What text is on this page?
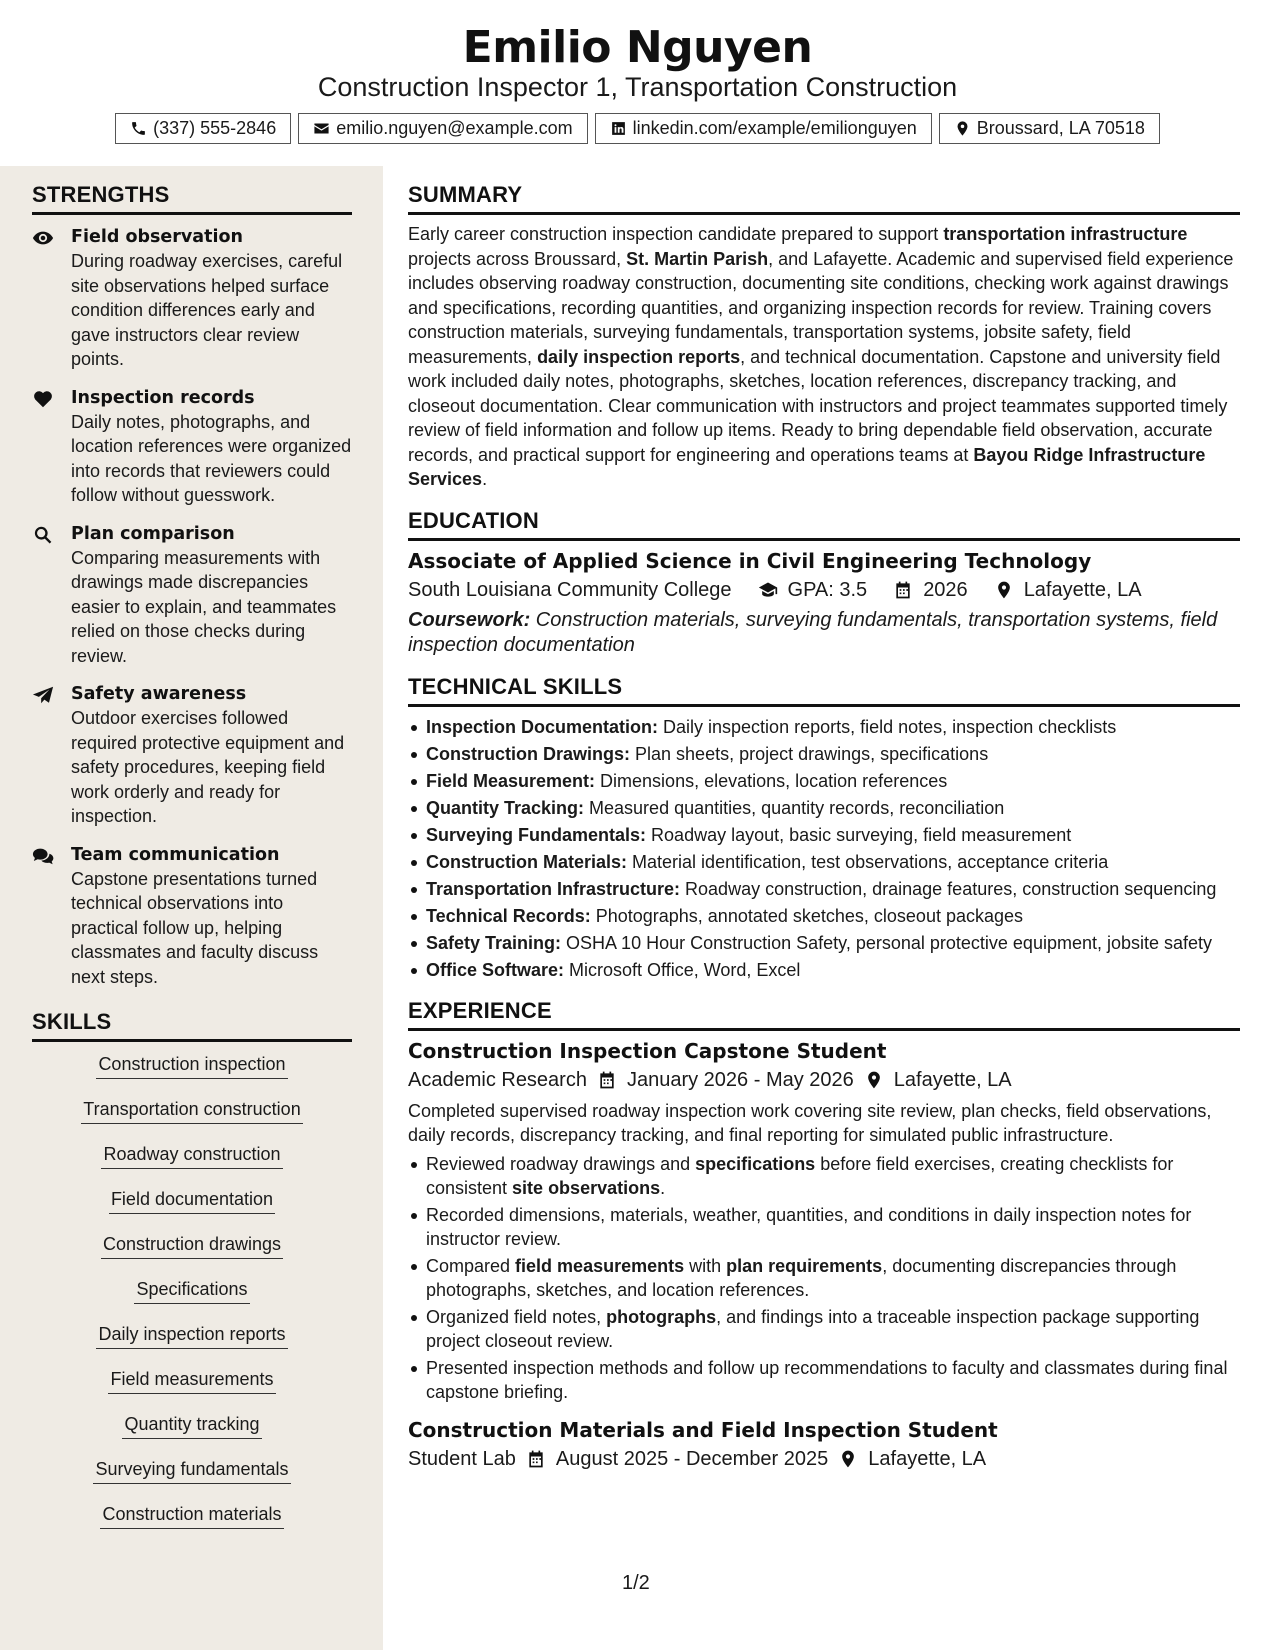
Emilio Nguyen
Construction Inspector 1, Transportation Construction
(337) 555-2846	emilio.nguyen@example.com	linkedin.com/example/emilionguyen	Broussard, LA 70518
STRENGTHS
Field observation
During roadway exercises, careful site observations helped surface condition differences early and gave instructors clear review points.
Inspection records
Daily notes, photographs, and location references were organized into records that reviewers could follow without guesswork.
Plan comparison
Comparing measurements with drawings made discrepancies easier to explain, and teammates relied on those checks during review.
Safety awareness
Outdoor exercises followed required protective equipment and safety procedures, keeping field work orderly and ready for inspection.
Team communication
Capstone presentations turned technical observations into practical follow up, helping classmates and faculty discuss next steps.
SKILLS
Construction inspection
Transportation construction
Roadway construction
Field documentation
Construction drawings
Specifications
Daily inspection reports
Field measurements
Quantity tracking
Surveying fundamentals
Construction materials
SUMMARY

Early career construction inspection candidate prepared to support transportation infrastructure projects across Broussard, St. Martin Parish, and Lafayette. Academic and supervised field experience includes observing roadway construction, documenting site conditions, checking work against drawings and specifications, recording quantities, and organizing inspection records for review. Training covers construction materials, surveying fundamentals, transportation systems, jobsite safety, field measurements, daily inspection reports, and technical documentation. Capstone and university field work included daily notes, photographs, sketches, location references, discrepancy tracking, and closeout documentation. Clear communication with instructors and project teammates supported timely review of field information and follow up items. Ready to bring dependable field observation, accurate records, and practical support for engineering and operations teams at Bayou Ridge Infrastructure Services.

EDUCATION
Associate of Applied Science in Civil Engineering Technology
South Louisiana Community College	GPA: 3.5	2026	Lafayette, LA
Coursework: Construction materials, surveying fundamentals, transportation systems, field inspection documentation
TECHNICAL SKILLS
Inspection Documentation: Daily inspection reports, field notes, inspection checklists
Construction Drawings: Plan sheets, project drawings, specifications
Field Measurement: Dimensions, elevations, location references
Quantity Tracking: Measured quantities, quantity records, reconciliation
Surveying Fundamentals: Roadway layout, basic surveying, field measurement
Construction Materials: Material identification, test observations, acceptance criteria
Transportation Infrastructure: Roadway construction, drainage features, construction sequencing
Technical Records: Photographs, annotated sketches, closeout packages
Safety Training: OSHA 10 Hour Construction Safety, personal protective equipment, jobsite safety
Office Software: Microsoft Office, Word, Excel
EXPERIENCE
Construction Inspection Capstone Student
Academic Research January 2026 - May 2026 Lafayette, LA

Completed supervised roadway inspection work covering site review, plan checks, field observations, daily records, discrepancy tracking, and final reporting for simulated public infrastructure.

Reviewed roadway drawings and specifications before field exercises, creating checklists for consistent site observations.
Recorded dimensions, materials, weather, quantities, and conditions in daily inspection notes for instructor review.
Compared field measurements with plan requirements, documenting discrepancies through photographs, sketches, and location references.
Organized field notes, photographs, and findings into a traceable inspection package supporting project closeout review.
Presented inspection methods and follow up recommendations to faculty and classmates during final capstone briefing.
Construction Materials and Field Inspection Student
Student Lab August 2025 - December 2025 Lafayette, LA
1/2
